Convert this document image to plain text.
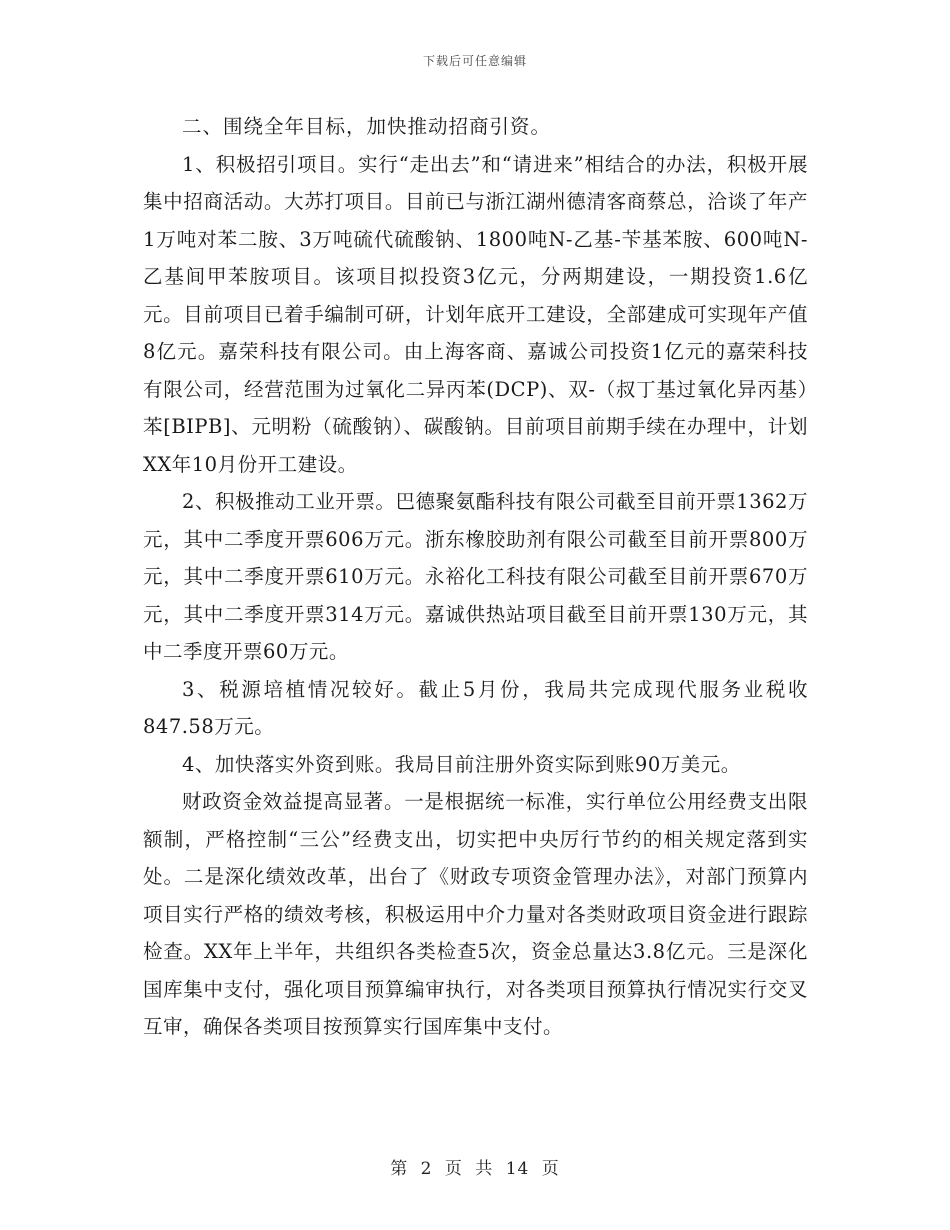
下载后可任意编辑

二、围绕全年目标，加快推动招商引资。

1、积极招引项目。实行“走出去”和“请进来”相结合的办法，积极开展集中招商活动。大苏打项目。目前已与浙江湖州德清客商蔡总，洽谈了年产1万吨对苯二胺、3万吨硫代硫酸钠、1800吨N-乙基-苄基苯胺、600吨N-乙基间甲苯胺项目。该项目拟投资3亿元，分两期建设，一期投资1.6亿元。目前项目已着手编制可研，计划年底开工建设，全部建成可实现年产值8亿元。嘉荣科技有限公司。由上海客商、嘉诚公司投资1亿元的嘉荣科技有限公司，经营范围为过氧化二异丙苯(DCP)、双-（叔丁基过氧化异丙基）苯[BIPB]、元明粉（硫酸钠）、碳酸钠。目前项目前期手续在办理中，计划XX年10月份开工建设。

2、积极推动工业开票。巴德聚氨酯科技有限公司截至目前开票1362万元，其中二季度开票606万元。浙东橡胶助剂有限公司截至目前开票800万元，其中二季度开票610万元。永裕化工科技有限公司截至目前开票670万元，其中二季度开票314万元。嘉诚供热站项目截至目前开票130万元，其中二季度开票60万元。

3、税源培植情况较好。截止5月份，我局共完成现代服务业税收847.58万元。

4、加快落实外资到账。我局目前注册外资实际到账90万美元。

财政资金效益提高显著。一是根据统一标准，实行单位公用经费支出限额制，严格控制“三公”经费支出，切实把中央厉行节约的相关规定落到实处。二是深化绩效改革，出台了《财政专项资金管理办法》，对部门预算内项目实行严格的绩效考核，积极运用中介力量对各类财政项目资金进行跟踪检查。XX年上半年，共组织各类检查5次，资金总量达3.8亿元。三是深化国库集中支付，强化项目预算编审执行，对各类项目预算执行情况实行交叉互审，确保各类项目按预算实行国库集中支付。

第 2 页 共 14 页
